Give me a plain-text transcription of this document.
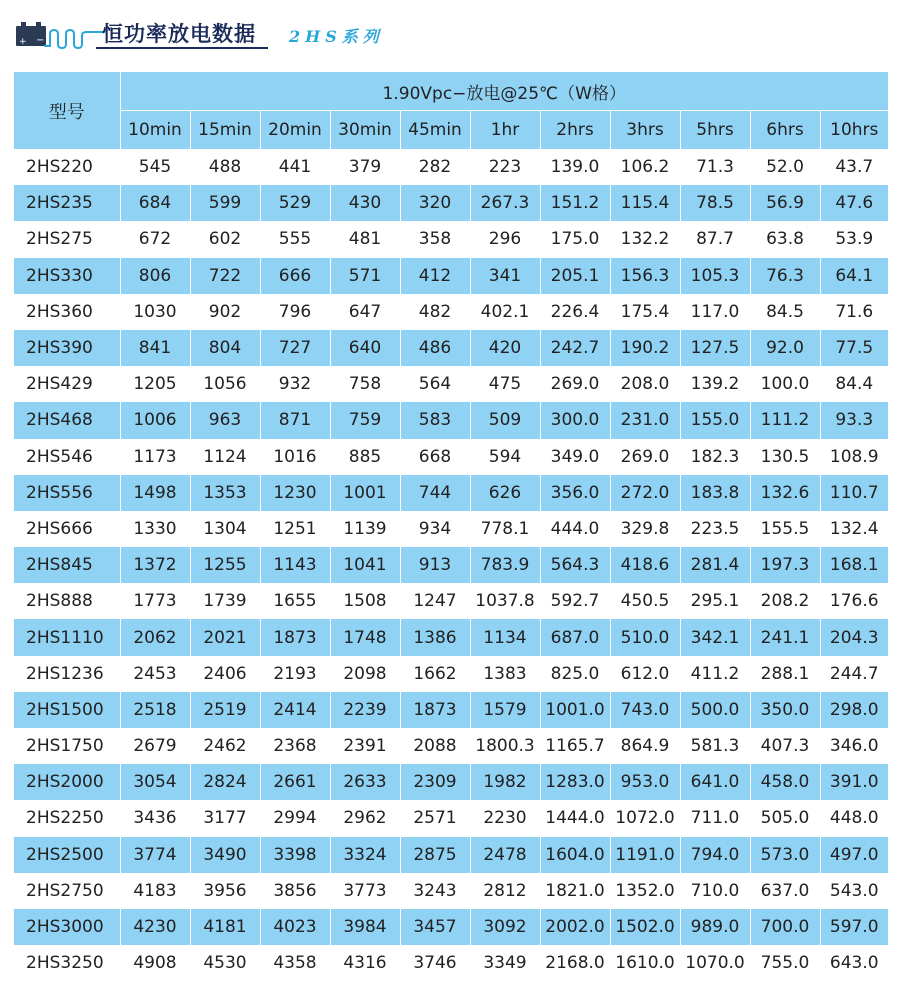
+ −	恒功率放电数据 2HS系列
型号	1.90Vpc−放电@25℃（W格）										
	10min	15min	20min	30min	45min	1hr	2hrs	3hrs	5hrs	6hrs	10hrs
2HS220	545	488	441	379	282	223	139.0	106.2	71.3	52.0	43.7
2HS235	684	599	529	430	320	267.3	151.2	115.4	78.5	56.9	47.6
2HS275	672	602	555	481	358	296	175.0	132.2	87.7	63.8	53.9
2HS330	806	722	666	571	412	341	205.1	156.3	105.3	76.3	64.1
2HS360	1030	902	796	647	482	402.1	226.4	175.4	117.0	84.5	71.6
2HS390	841	804	727	640	486	420	242.7	190.2	127.5	92.0	77.5
2HS429	1205	1056	932	758	564	475	269.0	208.0	139.2	100.0	84.4
2HS468	1006	963	871	759	583	509	300.0	231.0	155.0	111.2	93.3
2HS546	1173	1124	1016	885	668	594	349.0	269.0	182.3	130.5	108.9
2HS556	1498	1353	1230	1001	744	626	356.0	272.0	183.8	132.6	110.7
2HS666	1330	1304	1251	1139	934	778.1	444.0	329.8	223.5	155.5	132.4
2HS845	1372	1255	1143	1041	913	783.9	564.3	418.6	281.4	197.3	168.1
2HS888	1773	1739	1655	1508	1247	1037.8	592.7	450.5	295.1	208.2	176.6
2HS1110	2062	2021	1873	1748	1386	1134	687.0	510.0	342.1	241.1	204.3
2HS1236	2453	2406	2193	2098	1662	1383	825.0	612.0	411.2	288.1	244.7
2HS1500	2518	2519	2414	2239	1873	1579	1001.0	743.0	500.0	350.0	298.0
2HS1750	2679	2462	2368	2391	2088	1800.3	1165.7	864.9	581.3	407.3	346.0
2HS2000	3054	2824	2661	2633	2309	1982	1283.0	953.0	641.0	458.0	391.0
2HS2250	3436	3177	2994	2962	2571	2230	1444.0	1072.0	711.0	505.0	448.0
2HS2500	3774	3490	3398	3324	2875	2478	1604.0	1191.0	794.0	573.0	497.0
2HS2750	4183	3956	3856	3773	3243	2812	1821.0	1352.0	710.0	637.0	543.0
2HS3000	4230	4181	4023	3984	3457	3092	2002.0	1502.0	989.0	700.0	597.0
2HS3250	4908	4530	4358	4316	3746	3349	2168.0	1610.0	1070.0	755.0	643.0
